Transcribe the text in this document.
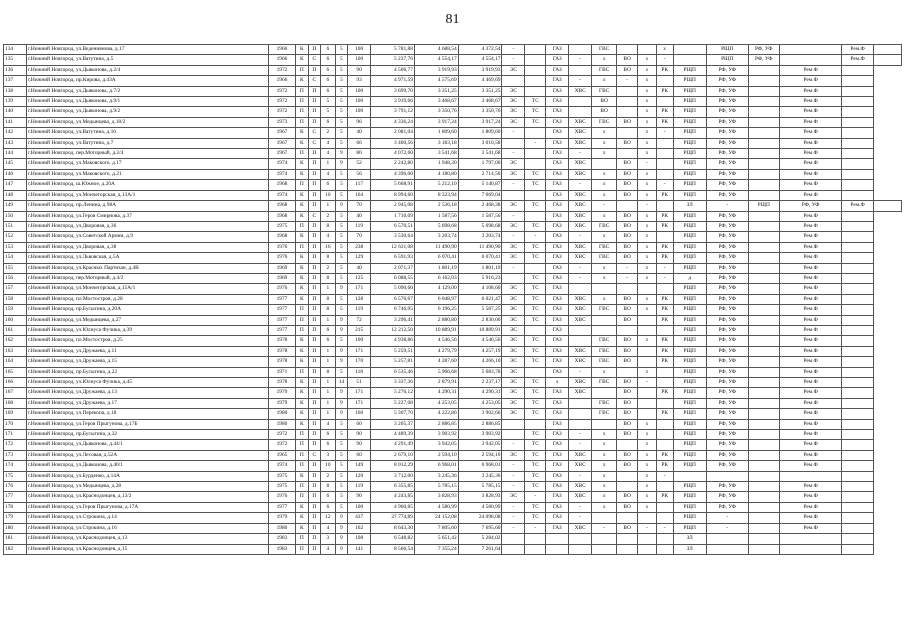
81
134	г.Нижний Новгород, ул.Ведениянова, д.17	1966	К	П	6	5	100	5 781,88	4 688,54	4 372,54	-		ГАЗ		ГВС			х		РЩП	РФ, УФ		Рем.Ф	
135	г.Нижний Новгород, ул.Ватутина, д.5	1966	К	С	6	5	100	5 237,76	4 554,17	4 554,17	-		ГАЗ	-	х	ВО	х	-		РЩП	РФ, УФ		Рем.Ф	
136	г.Нижний Новгород, ул.Дьяконова, д.2/4	1972	П	П	6	5	90	4 506,77	3 919,93	3 919,93	ЭС		ГАЗ		ГВС	ВО	х	РК	РЩП	РФ, УФ		Рем.Ф		
137	г.Нижний Новгород, пр.Кирова, д.43А	1966	К	С	6	5	93	4 971,59	4 575,69	4 469,69			ГАЗ	-	х	-	х		РЩП	РФ, УФ		Рем.Ф		
138	г.Нижний Новгород, ул.Дьяконова, д.7/2	1972	П	П	6	5	100	3 699,70	3 351,25	3 351,25	ЭС		ГАЗ	ХВС	ГВС		х	РК	РЩП	РФ, УФ		Рем.Ф		
139	г.Нижний Новгород, ул.Дьяконова, д.9/1	1972	П	П	5	5	100	3 919,66	3 468,67	3 468,67	ЭС	ТС	ГАЗ		ВО		х		РЩП	РФ, УФ		Рем.Ф		
140	г.Нижний Новгород, ул.Дьяконова, д.9/2	1972	П	П	5	5	100	3 791,12	3 350,76	3 350,76	ЭС	ТС	ГАЗ		ВО		х	РК	РЩП	РФ, УФ		Рем.Ф		
141	г.Нижний Новгород, ул.Медынцева, д.18/2	1973	П	П	6	5	96	4 336,24	3 917,24	3 917,24	ЭС	ТС	ГАЗ	ХВС	ГВС	ВО	х	РК	РЩП	РФ, УФ		Рем.Ф		
142	г.Нижний Новгород, ул.Ватутина, д.16	1967	К	С	2	5	40	2 081,04	1 809,60	1 809,60	-		ГАЗ	ХВС	х		х	-	РЩП	РФ, УФ		Рем.Ф		
143	г.Нижний Новгород, ул.Ватутина, д.7	1967	К	С	4	5	66	3 460,56	3 183,18	3 010,58		-	ГАЗ	ХВС	х	ВО	х		РЩП	РФ, УФ		Рем.Ф		
144	г.Нижний Новгород, пер.Моторный, д.2/4	1967	П	П	4	9	80	4 072,60	3 541,68	3 541,68	-		ГАЗ	-	х		х		РЩП	РФ, УФ		Рем.Ф		
145	г.Нижний Новгород, ул.Маковского, д.17	1974	К	П	1	9	52	2 242,80	1 948,30	1 797,00	ЭС		ГАЗ	ХВС		ВО	-		РЩП	РФ, УФ		Рем.Ф		
146	г.Нижний Новгород, ул.Маковского, д.21	1974	К	П	4	5	56	4 396,00	4 180,80	2 714,50	ЭС	ТС	ГАЗ	ХВС	х	ВО	х		РЩП	РФ, УФ		Рем.Ф		
147	г.Нижний Новгород, ш.Южное, д.20А	1968	П	П	6	5	117	5 668,91	5 212,10	5 140,87	-	ТС	ГАЗ	-	х	ВО	х	-	РЩП	РФ, УФ		Рем.Ф		
148	г.Нижний Новгород, ул.Мончегорская, д.13А/1	1974	К	П	10	5	164	8 994,60	8 323,94	7 069,04			ГАЗ	ХВС	х	ВО	х	РК	РЩП	РФ, УФ		Рем.Ф		
149	г.Нижний Новгород, пр.Ленина, д.98А	1968	К	П	1	9	70	2 945,08	2 536,18	2 468,38	ЭС	ТС	ГАЗ	ХВС	-		-		ЗЛ	-	РЩП	РФ, УФ	Рем.Ф	
150	г.Нижний Новгород, ул.Героя Смирнова, д.37	1968	К	С	2	5	40	1 710,09	1 587,56	1 587,56	-		ГАЗ	ХВС	х	ВО	х	РК	РЩП	РФ, УФ		Рем.Ф		
151	г.Нижний Новгород, ул.Дворовая, д.36	1975	П	П	8	5	119	6 570,51	5 698,68	5 698,68	ЭС	ТС	ГАЗ	ХВС	ГВС	ВО	х	РК	РЩП	РФ, УФ		Рем.Ф		
152	г.Нижний Новгород, ул.Советской Армии, д.9	1968	К	П	4	5	70	3 530,64	3 203,74	3 203,74	-	-	ГАЗ	-	х	ВО	х		РЩП	РФ, УФ		Рем.Ф		
153	г.Нижний Новгород, ул.Дворовая, д.38	1976	П	П	16	5	238	12 631,08	11 490,90	11 490,90	ЭС	ТС	ГАЗ	ХВС	ГВС	ВО	х	РК	РЩП	РФ, УФ		Рем.Ф		
154	г.Нижний Новгород, ул.Львовская, д.5А	1976	К	П	8	5	129	6 591,93	6 070,41	6 070,41	ЭС	ТС	ГАЗ	ХВС	ГВС	ВО	х	РК	РЩП	РФ, УФ		Рем.Ф		
155	г.Нижний Новгород, ул.Красных Партизан, д.4В	1969	К	П	2	5	40	2 071,37	1 801,19	1 801,19	-		ГАЗ	-	х	-	х	-	РЩП	РФ, УФ		Рем.Ф		
156	г.Нижний Новгород, пер.Моторный, д.4/2	1969	К	П	8	5	125	6 088,55	6 162,03	5 916,23		ТС	ГАЗ	-	х	-	х	-	д	РФ, УФ		Рем.Ф		
157	г.Нижний Новгород, ул.Мончегорская, д.15А/1	1976	К	П	1	9	171	5 090,60	4 129,00	4 108,60	ЭС	ТС	ГАЗ						РЩП	РФ, УФ		Рем.Ф		
158	г.Нижний Новгород, пл.Мостостроя, д.28	1977	К	П	8	5	128	6 576,67	6 048,97	6 021,47	ЭС	ТС	ГАЗ	ХВС	х	ВО	х	РК	РЩП	РФ, УФ		Рем.Ф		
159	г.Нижний Новгород, пр.Бусыгина, д.20А	1977	П	П	8	5	119	6 746,05	6 196,25	5 587,25	ЭС	ТС	ГАЗ	ХВС	ГВС	ВО	х	РК	РЩП	РФ, УФ		Рем.Ф		
160	г.Нижний Новгород, ул.Медынцева, д.27	1977	П	П	1	9	72	3 296,41	2 880,80	2 830,00	ЭС	ТС	ГАЗ	ХВС		ВО		РК	РЩП	РФ, УФ		Рем.Ф		
161	г.Нижний Новгород, ул.Юлиуса Фучика, д.39	1977	П	П	6	9	215	12 212,50	10 889,91	10 889,91	ЭС		ГАЗ						РЩП	РФ, УФ		Рем.Ф		
162	г.Нижний Новгород, пл.Мостостроя, д.25	1978	К	П	6	5	100	4 938,86	4 546,56	4 546,56	ЭС	ТС	ГАЗ		ГВС	ВО	х	РК	РЩП	РФ, УФ		Рем.Ф		
163	г.Нижний Новгород, ул.Дружаева, д.11	1978	К	П	1	9	171	5 259,51	4 279,79	4 257,19	ЭС	ТС	ГАЗ	ХВС	ГВС	ВО		РК	РЩП	РФ, УФ		Рем.Ф		
164	г.Нижний Новгород, ул.Дружаева, д.15	1978	К	П	1	9	170	5 257,81	4 287,60	4 266,10	ЭС	ТС	ГАЗ	ХВС	ГВС	ВО		РК	РЩП	РФ, УФ		Рем.Ф		
165	г.Нижний Новгород, пр.Бусыгина, д.22	1971	П	П	8	5	118	6 535,46	5 966,68	5 683,78	ЭС		ГАЗ	-	х		х		РЩП	РФ, УФ		Рем.Ф		
166	г.Нижний Новгород, ул.Юлиуса Фучика, д.45	1978	К	П	1	14	51	3 337,36	2 879,91	2 237,17	ЭС	ТС	х	ХВС	ГВС	ВО	-		РЩП	РФ, УФ		Рем.Ф		
167	г.Нижний Новгород, ул.Дружаева, д.13	1979	К	П	1	9	171	5 276,12	4 290,31	4 290,31	ЭС	ТС	ГАЗ	ХВС		ВО		РК	РЩП	РФ, УФ		Рем.Ф		
168	г.Нижний Новгород, ул.Дружаева, д.17	1979	К	П	1	9	171	5 227,08	4 253,05	4 253,05	ЭС	ТС	ГАЗ		ГВС	ВО			РЩП	РФ, УФ		Рем.Ф		
169	г.Нижний Новгород, ул.Перекопа, д.18	1980	К	П	1	9	160	5 307,70	4 222,86	3 902,66	ЭС	ТС	ГАЗ		ГВС	ВО		РК	РЩП	РФ, УФ		Рем.Ф		
170	г.Нижний Новгород, ул.Героя Прыгунова, д.17Б	1980	К	П	4	5	60	3 205,37	2 886,85	2 886,85			ГАЗ			ВО	х		РЩП	РФ, УФ		Рем.Ф		
171	г.Нижний Новгород, пр.Бусыгина, д.32	1972	П	П	6	5	90	4 489,39	3 903,92	3 903,92		ТС	ГАЗ	-	х	ВО	х		РЩП	РФ, УФ		Рем.Ф		
172	г.Нижний Новгород, ул.Дьяконова, д.44/1	1972	П	П	6	5	90	4 291,49	3 942,05	3 942,05	-	ТС	ГАЗ	-	х		х		РЩП	РФ, УФ		Рем.Ф		
173	г.Нижний Новгород, ул.Лесовая, д.52А	1965	П	С	3	5	60	2 679,10	2 594,10	2 594,10	ЭС	ТС	ГАЗ	ХВС	х	ВО	х	РК	РЩП	РФ, УФ		Рем.Ф		
174	г.Нижний Новгород, ул.Дьяконова, д.40/1	1974	П	П	10	5	149	8 012,29	6 968,01	6 968,01	-	ТС	ГАЗ	ХВС	х	ВО	х	РК	РЩП	РФ, УФ		Рем.Ф		
175	г.Нижний Новгород, ул.Бурденко, д.14А	1975	К	П	2	5	120	3 712,00	3 245,36	3 245,36	-	ТС	ГАЗ	-	х		х	-						
176	г.Нижний Новгород, ул.Медынцева, д.28	1975	П	П	8	5	119	6 355,85	5 785,15	5 785,15	-	ТС	ГАЗ	ХВС	х		х		РЩП	РФ, УФ		Рем.Ф		
177	г.Нижний Новгород, ул.Краснодонцев, д.13/2	1976	П	П	6	5	90	4 243,85	3 828,93	3 828,93	ЭС	-	ГАЗ	ХВС	х	ВО	х	РК	РЩП	РФ, УФ		Рем.Ф		
178	г.Нижний Новгород, ул.Героя Прыгунова, д.17А	1977	К	П	6	5	100	4 960,85	4 580,99	4 580,99	-	ТС	ГАЗ	-	х	ВО	х		РЩП	РФ, УФ		Рем.Ф		
179	г.Нижний Новгород, ул.Строкина, д.14	1979	К	П	12	9	437	27 774,89	24 152,08	24 098,08	-	ТС	ГАЗ	-					РЩП	-		Рем.Ф		
180	г.Нижний Новгород, ул.Строкина, д.16	1980	К	П	4	9	162	8 643,30	7 805,60	7 695,60	-	-	ГАЗ	ХВС	-	ВО	-	-	РЩП	-		Рем.Ф		
181	г.Нижний Новгород, ул.Краснодонцев, д.13	1983	П	П	3	9	108	6 548,82	5 651,42	5 284,02									ЗЛ					
182	г.Нижний Новгород, ул.Краснодонцев, д.15	1983	П	П	4	9	141	8 566,54	7 355,24	7 261,64									ЗЛ					
